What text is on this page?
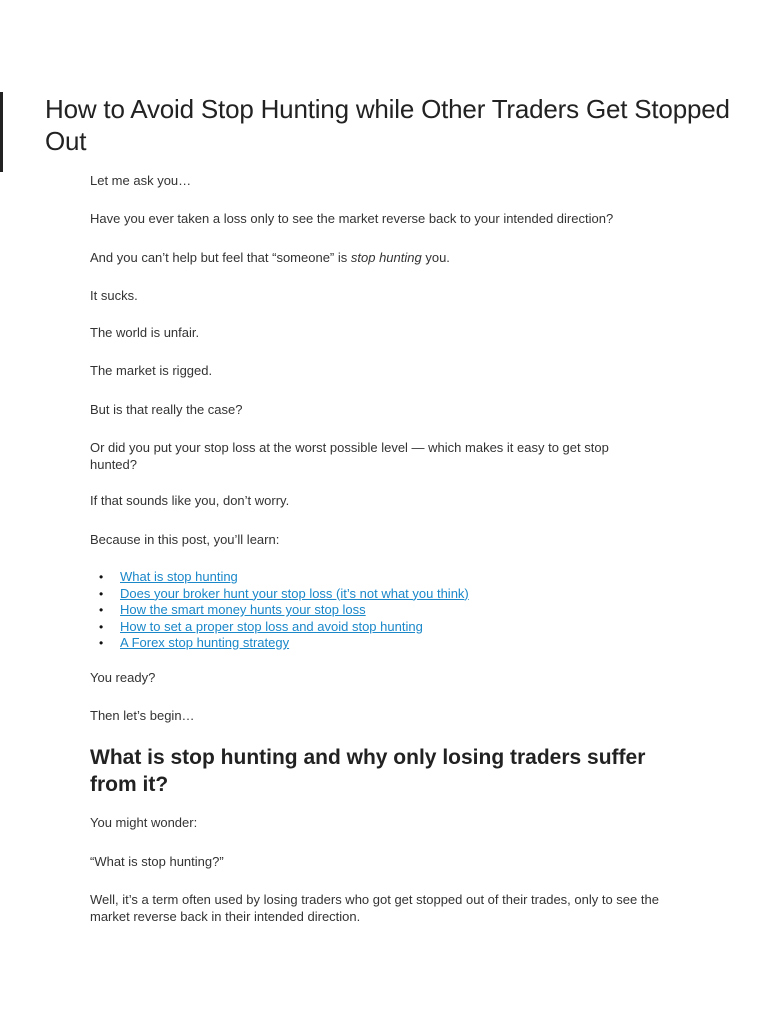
How to Avoid Stop Hunting while Other Traders Get Stopped Out

Let me ask you…

Have you ever taken a loss only to see the market reverse back to your intended direction?

And you can’t help but feel that “someone” is stop hunting you.

It sucks.

The world is unfair.

The market is rigged.

But is that really the case?

Or did you put your stop loss at the worst possible level — which makes it easy to get stop hunted?

If that sounds like you, don’t worry.

Because in this post, you’ll learn:

• What is stop hunting
• Does your broker hunt your stop loss (it’s not what you think)
• How the smart money hunts your stop loss
• How to set a proper stop loss and avoid stop hunting
• A Forex stop hunting strategy

You ready?

Then let’s begin…

What is stop hunting and why only losing traders suffer from it?

You might wonder:

“What is stop hunting?”

Well, it’s a term often used by losing traders who got get stopped out of their trades, only to see the market reverse back in their intended direction.
